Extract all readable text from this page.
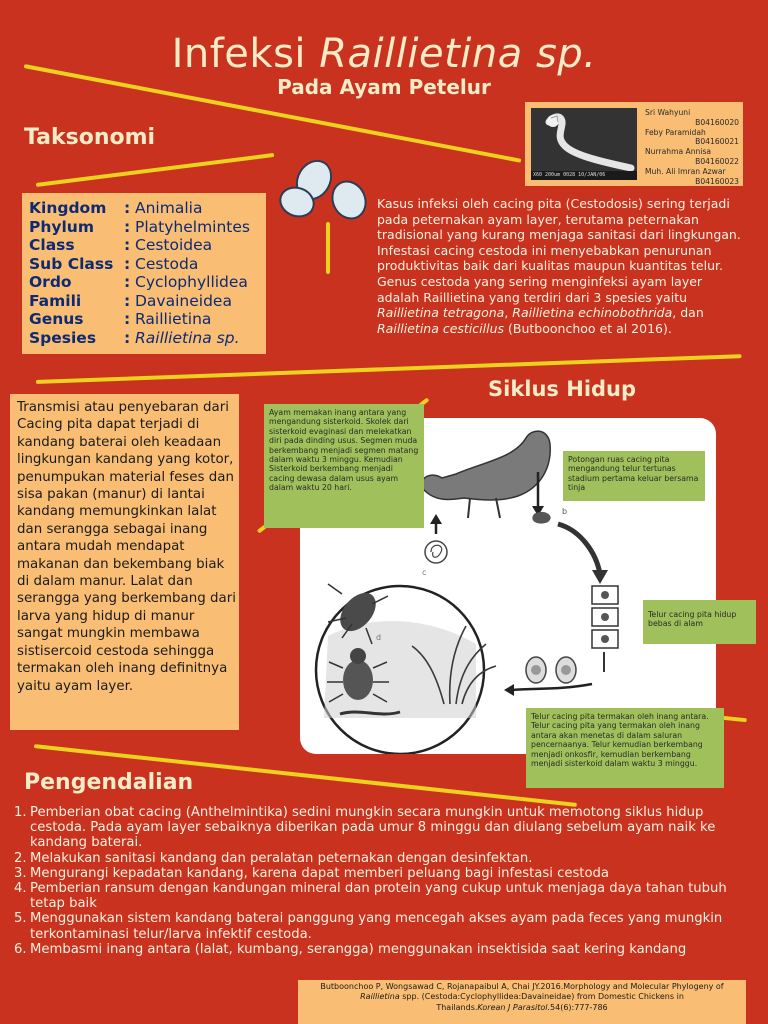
Infeksi Raillietina sp.
Pada Ayam Petelur
X60 200um 0028 10/JAN/06
Sri Wahyuni
B04160020
Feby Paramidah
B04160021
Nurrahma Annisa
B04160022
Muh. Ali Imran Azwar
B04160023
Taksonomi
Kingdom	: Animalia
Phylum	: Platyhelmintes
Class	: Cestoidea
Sub Class : Cestoda
Ordo	: Cyclophyllidea
Famili	: Davaineidea
Genus	: Raillietina
Spesies	: Raillietina sp.
Kasus infeksi oleh cacing pita (Cestodosis) sering terjadi pada peternakan ayam layer, terutama peternakan tradisional yang kurang menjaga sanitasi dari lingkungan. Infestasi cacing cestoda ini menyebabkan penurunan produktivitas baik dari kualitas maupun kuantitas telur. Genus cestoda yang sering menginfeksi ayam layer adalah Raillietina yang terdiri dari 3 spesies yaitu Raillietina tetragona, Raillietina echinobothrida, dan Raillietina cesticillus (Butboonchoo et al 2016).
Siklus Hidup
Transmisi atau penyebaran dari Cacing pita dapat terjadi di kandang baterai oleh keadaan lingkungan kandang yang kotor, penumpukan material feses dan sisa pakan (manur) di lantai kandang memungkinkan lalat dan serangga sebagai inang antara mudah mendapat makanan dan bekembang biak di dalam manur. Lalat dan serangga yang berkembang dari larva yang hidup di manur sangat mungkin membawa sistisercoid cestoda sehingga termakan oleh inang definitnya yaitu ayam layer.
b
c
d
Ayam memakan inang antara yang mengandung sisterkoid. Skolek dari sisterkoid evaginasi dan melekatkan diri pada dinding usus. Segmen muda berkembang menjadi segmen matang dalam waktu 3 minggu. Kemudian Sisterkoid berkembang menjadi cacing dewasa dalam usus ayam dalam waktu 20 hari.
Potongan ruas cacing pita mengandung telur tertunas stadium pertama keluar bersama tinja
Telur cacing pita hidup bebas di alam
Telur cacing pita termakan oleh inang antara. Telur cacing pita yang termakan oleh inang antara akan menetas di dalam saluran pencernaanya. Telur kemudian berkembang menjadi onkosfir, kemudian berkembang menjadi sisterkoid dalam waktu 3 minggu.
Pengendalian
1. Pemberian obat cacing (Anthelmintika) sedini mungkin secara mungkin untuk memotong siklus hidup cestoda. Pada ayam layer sebaiknya diberikan pada umur 8 minggu dan diulang sebelum ayam naik ke kandang baterai.
2. Melakukan sanitasi kandang dan peralatan peternakan dengan desinfektan.
3. Mengurangi kepadatan kandang, karena dapat memberi peluang bagi infestasi cestoda
4. Pemberian ransum dengan kandungan mineral dan protein yang cukup untuk menjaga daya tahan tubuh tetap baik
5. Menggunakan sistem kandang baterai panggung yang mencegah akses ayam pada feces yang mungkin terkontaminasi telur/larva infektif cestoda.
6. Membasmi inang antara (lalat, kumbang, serangga) menggunakan insektisida saat kering kandang
Butboonchoo P, Wongsawad C, Rojanapaibul A, Chai JY.2016.Morphology and Molecular Phylogeny of
Raillietina spp. (Cestoda:Cyclophyllidea:Davaineidae) from Domestic Chickens in
Thailands.Korean J Parasitol.54(6):777-786
